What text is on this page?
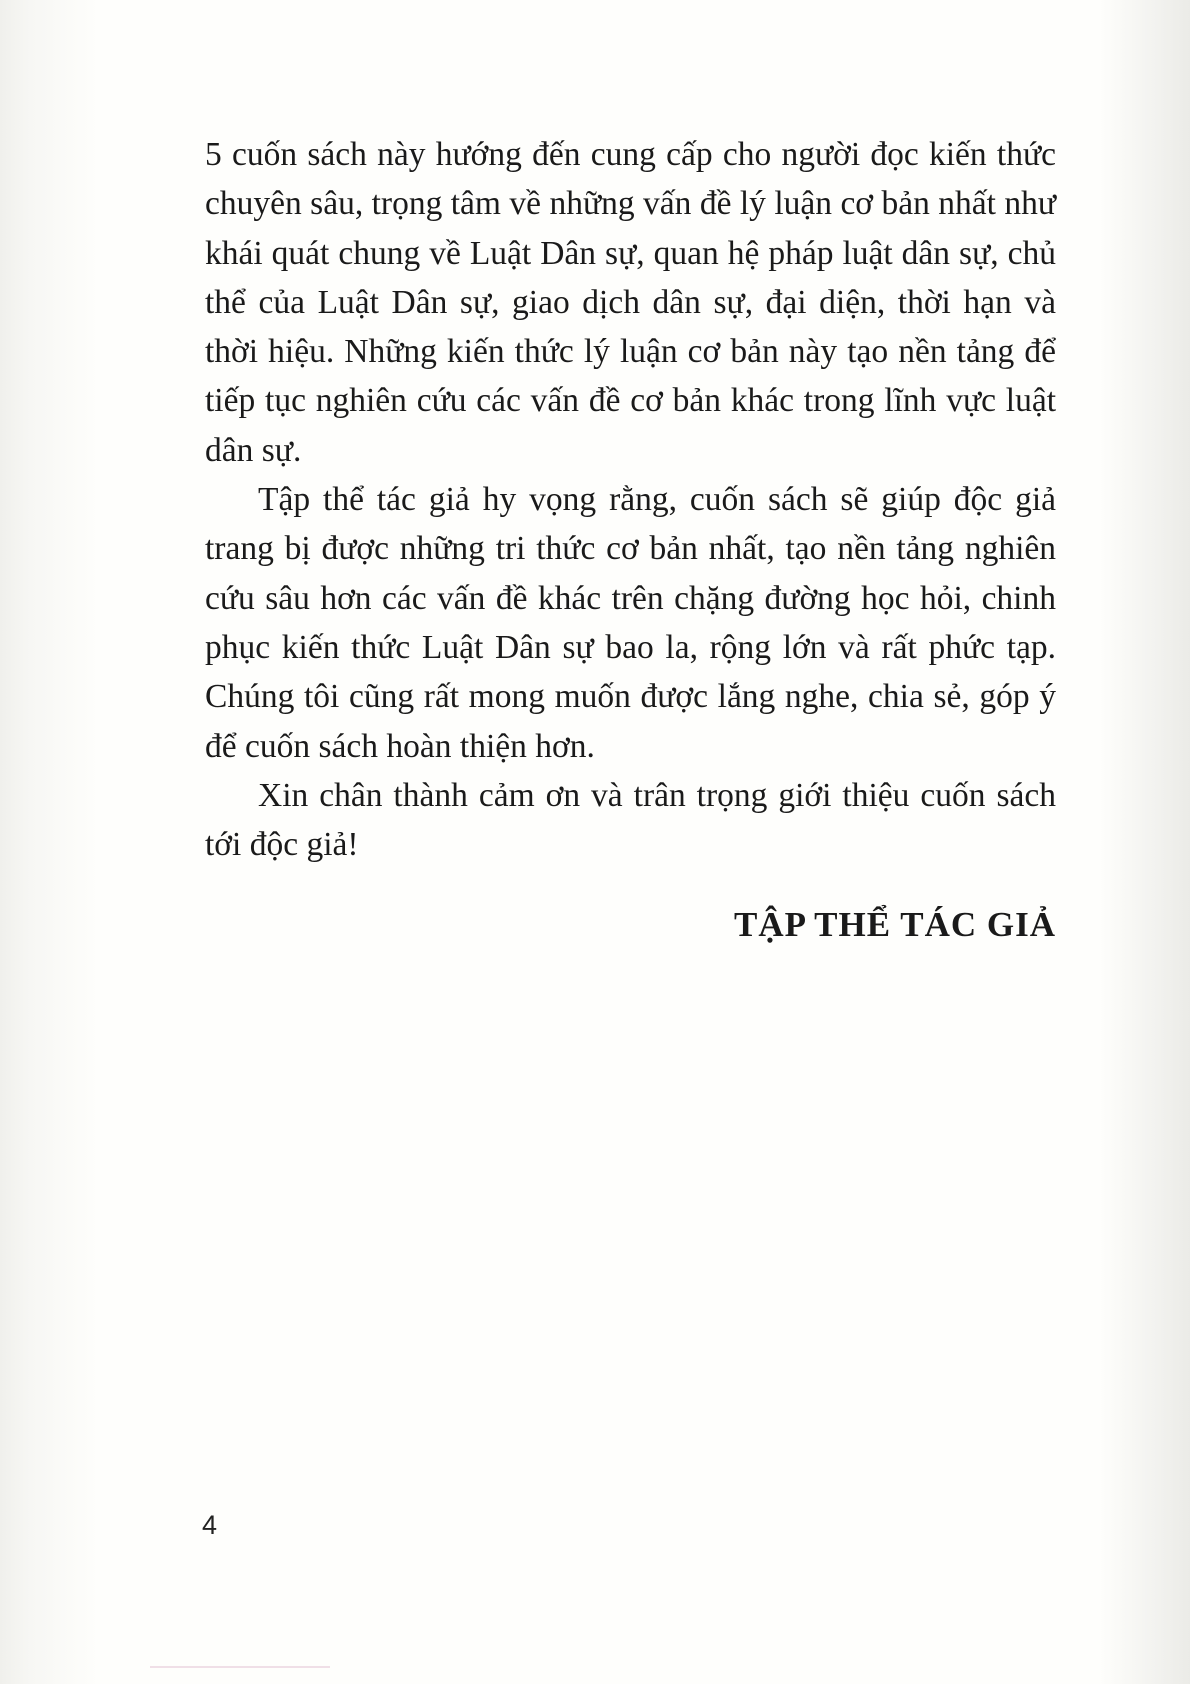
5 cuốn sách này hướng đến cung cấp cho người đọc kiến thức chuyên sâu, trọng tâm về những vấn đề lý luận cơ bản nhất như khái quát chung về Luật Dân sự, quan hệ pháp luật dân sự, chủ thể của Luật Dân sự, giao dịch dân sự, đại diện, thời hạn và thời hiệu. Những kiến thức lý luận cơ bản này tạo nền tảng để tiếp tục nghiên cứu các vấn đề cơ bản khác trong lĩnh vực luật dân sự.

Tập thể tác giả hy vọng rằng, cuốn sách sẽ giúp độc giả trang bị được những tri thức cơ bản nhất, tạo nền tảng nghiên cứu sâu hơn các vấn đề khác trên chặng đường học hỏi, chinh phục kiến thức Luật Dân sự bao la, rộng lớn và rất phức tạp. Chúng tôi cũng rất mong muốn được lắng nghe, chia sẻ, góp ý để cuốn sách hoàn thiện hơn.

Xin chân thành cảm ơn và trân trọng giới thiệu cuốn sách tới độc giả!

TẬP THỂ TÁC GIẢ
4
